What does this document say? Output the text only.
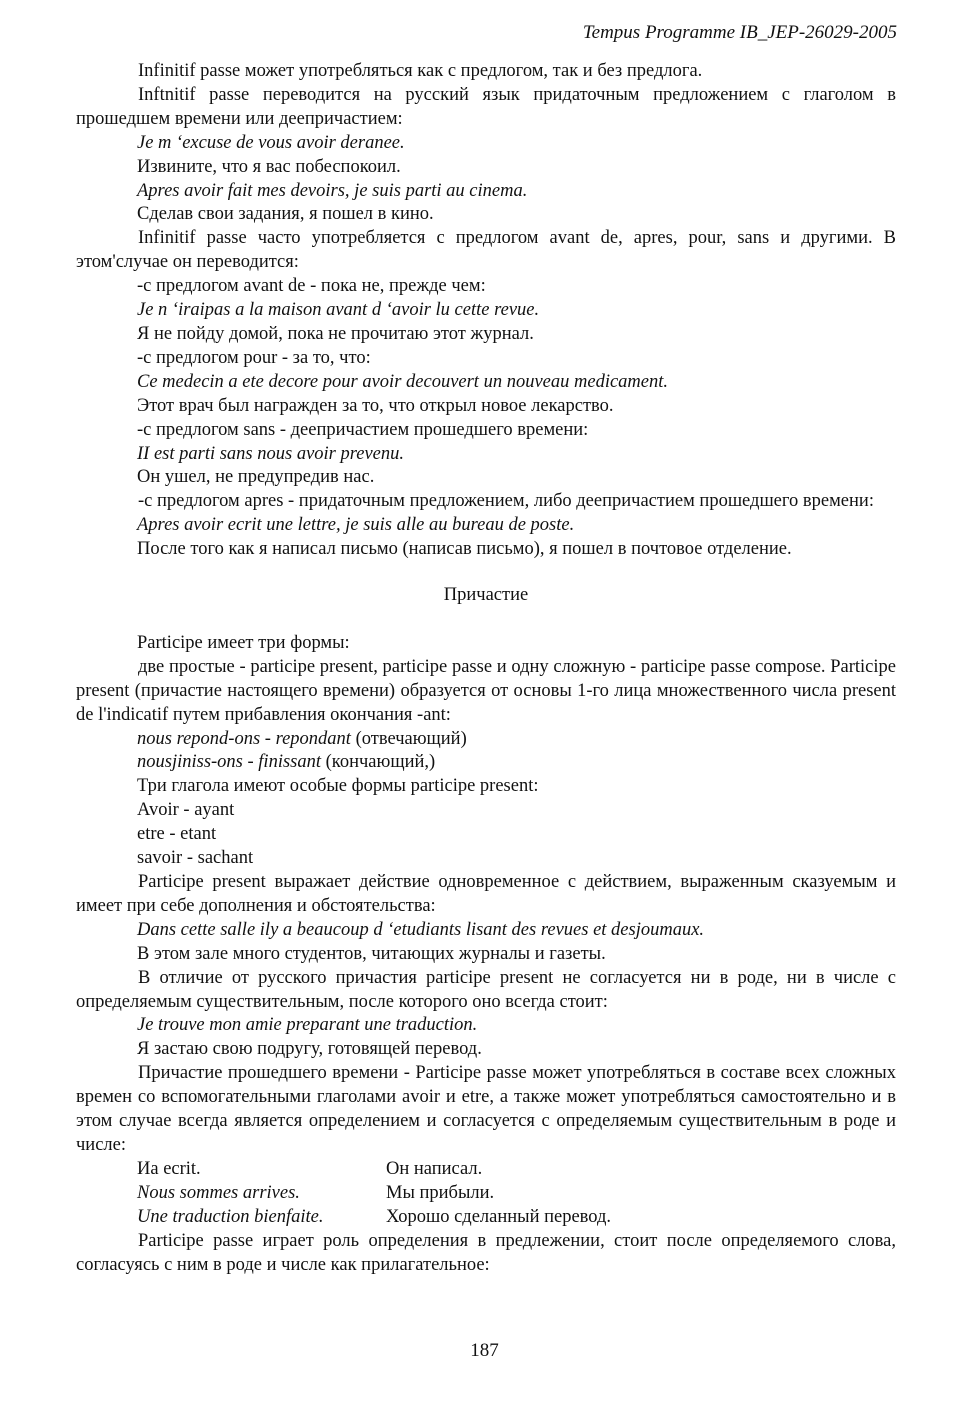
Tempus Programme IB_JEP-26029-2005

Infinitif passe может употребляться как с предлогом, так и без предлога.

Inftnitif passe переводится на русский язык придаточным предложением с глаголом в прошедшем времени или деепричастием:

Je m ‘excuse de vous avoir deranee.

Извините, что я вас побеспокоил.

Apres avoir fait mes devoirs, je suis parti au cinema.

Сделав свои задания, я пошел в кино.

Infinitif passe часто употребляется с предлогом avant de, apres, pour, sans и другими. В этом'случае он переводится:

-с предлогом avant de - пока не, прежде чем:

Je n ‘iraipas a la maison avant d ‘avoir lu cette revue.

Я не пойду домой, пока не прочитаю этот журнал.

-с предлогом pour - за то, что:

Ce medecin a ete decore pour avoir decouvert un nouveau medicament.

Этот врач был награжден за то, что открыл новое лекарство.

-с предлогом sans - деепричастием прошедшего времени:

II est parti sans nous avoir prevenu.

Он ушел, не предупредив нас.

-с предлогом apres - придаточным предложением, либо деепричастием прошедшего времени:

Apres avoir ecrit une lettre, je suis alle au bureau de poste.

После того как я написал письмо (написав письмо), я пошел в почтовое отделение.

Причастие

Participe имеет три формы:

две простые - participe present, participe passe и одну сложную - participe passe compose. Participe present (причастие настоящего времени) образуется от основы 1-го лица множественного числа present de l'indicatif путем прибавления окончания -ant:

nous repond-ons - repondant (отвечающий)

nousjiniss-ons - finissant (кончающий,)

Три глагола имеют особые формы participe present:

Avoir - ayant

etre - etant

savoir - sachant

Participe present выражает действие одновременное с действием, выраженным сказуемым и имеет при себе дополнения и обстоятельства:

Dans cette salle ily a beaucoup d ‘etudiants lisant des revues et desjoumaux.

В этом зале много студентов, читающих журналы и газеты.

В отличие от русского причастия participe present не согласуется ни в роде, ни в числе с определяемым существительным, после которого оно всегда стоит:

Je trouve mon amie preparant une traduction.

Я застаю свою подругу, готовящей перевод.

Причастие прошедшего времени - Participe passe может употребляться в составе всех сложных времен со вспомогательными глаголами avoir и etre, а также может употребляться самостоятельно и в этом случае всегда является определением и согласуется с определяемым существительным в роде и числе:

Иa ecrit.	Он написал.
Nous sommes arrives.	Мы прибыли.
Une traduction bienfaite.	Хорошо сделанный перевод.

Participe passe играет роль определения в предлежении, стоит после определяемого слова, согласуясь с ним в роде и числе как прилагательное:

187
